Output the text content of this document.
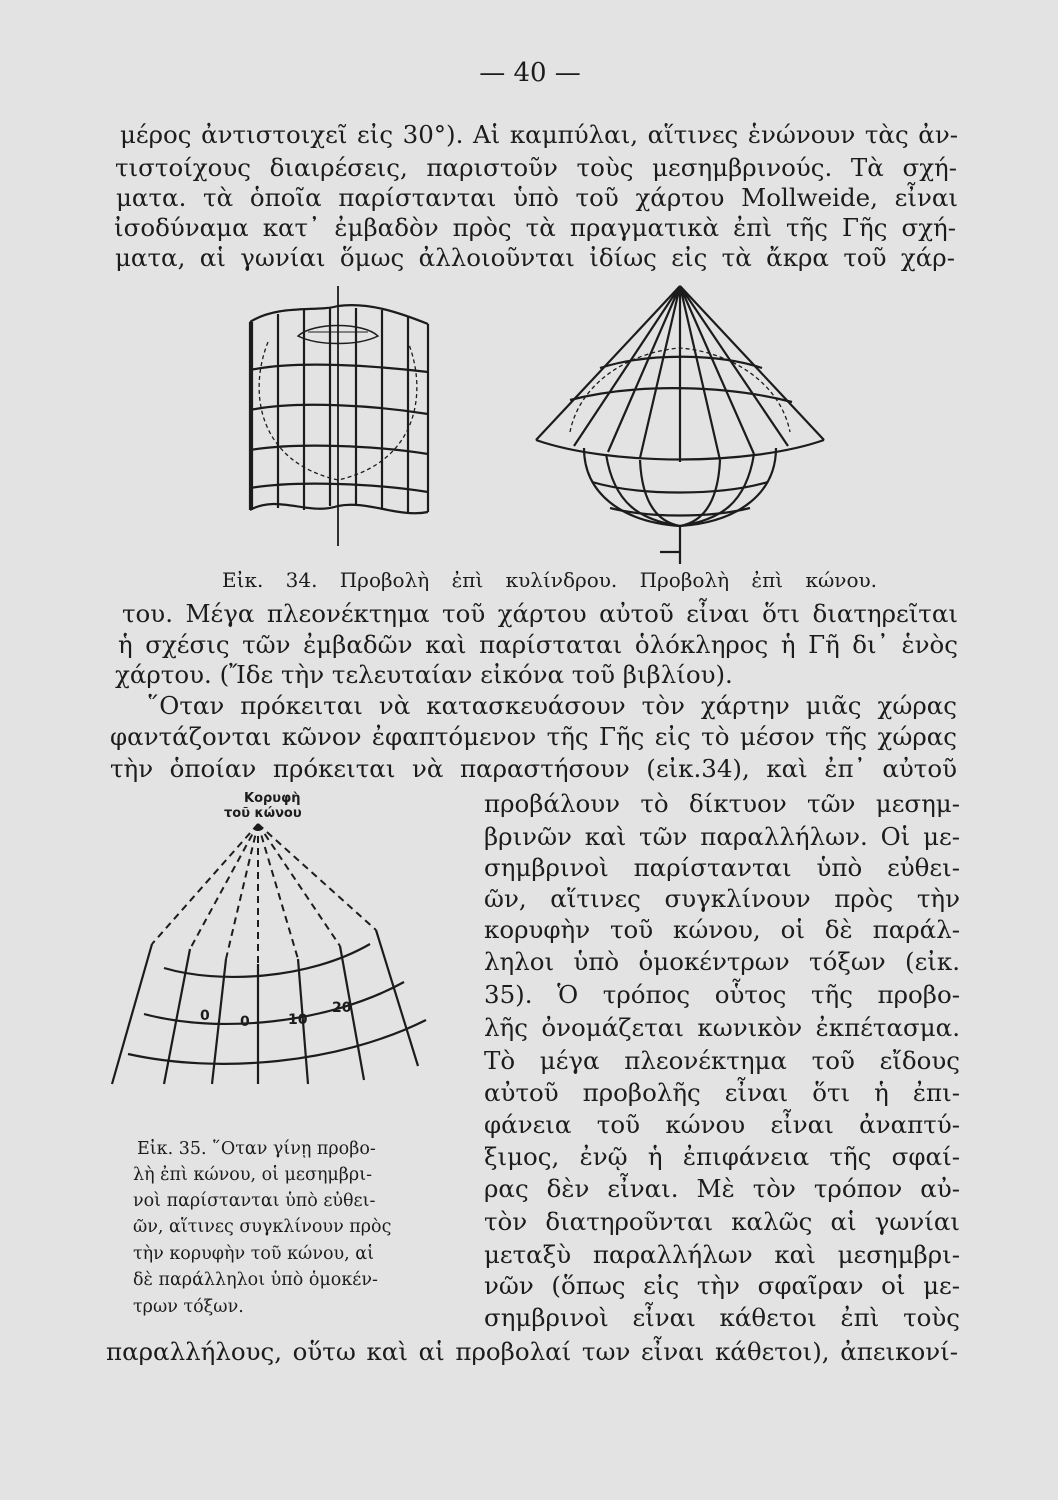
— 40 —
μέρος ἀντιστοιχεῖ εἰς 30°). Αἱ καμπύλαι, αἵτινες ἑνώνουν τὰς ἀν-
τιστοίχους διαιρέσεις, παριστοῦν τοὺς μεσημβρινούς. Τὰ σχή-
ματα. τὰ ὁποῖα παρίστανται ὑπὸ τοῦ χάρτου Mollweide, εἶναι
ἰσοδύναμα κατ᾽ ἐμβαδὸν πρὸς τὰ πραγματικὰ ἐπὶ τῆς Γῆς σχή-
ματα, αἱ γωνίαι ὅμως ἀλλοιοῦνται ἰδίως εἰς τὰ ἄκρα τοῦ χάρ-
Εἰκ. 34. Προβολὴ ἐπὶ κυλίνδρου. Προβολὴ ἐπὶ κώνου.
του. Μέγα πλεονέκτημα τοῦ χάρτου αὐτοῦ εἶναι ὅτι διατηρεῖται
ἡ σχέσις τῶν ἐμβαδῶν καὶ παρίσταται ὁλόκληρος ἡ Γῆ δι᾽ ἑνὸς
χάρτου. (Ἴδε τὴν τελευταίαν εἰκόνα τοῦ βιβλίου).
῞Οταν πρόκειται νὰ κατασκευάσουν τὸν χάρτην μιᾶς χώρας
φαντάζονται κῶνον ἐφαπτόμενον τῆς Γῆς εἰς τὸ μέσον τῆς χώρας
τὴν ὁποίαν πρόκειται νὰ παραστήσουν (εἰκ.34), καὶ ἐπ᾽ αὐτοῦ
προβάλουν τὸ δίκτυον τῶν μεσημ-
βρινῶν καὶ τῶν παραλλήλων. Οἱ με-
σημβρινοὶ παρίστανται ὑπὸ εὐθει-
ῶν, αἵτινες συγκλίνουν πρὸς τὴν
κορυφὴν τοῦ κώνου, οἱ δὲ παράλ-
ληλοι ὑπὸ ὁμοκέντρων τόξων (εἰκ.
35). Ὁ τρόπος οὗτος τῆς προβο-
λῆς ὀνομάζεται κωνικὸν ἐκπέτασμα.
Τὸ μέγα πλεονέκτημα τοῦ εἴδους
αὐτοῦ προβολῆς εἶναι ὅτι ἡ ἐπι-
φάνεια τοῦ κώνου εἶναι ἀναπτύ-
ξιμος, ἐνῷ ἡ ἐπιφάνεια τῆς σφαί-
ρας δὲν εἶναι. Μὲ τὸν τρόπον αὐ-
τὸν διατηροῦνται καλῶς αἱ γωνίαι
μεταξὺ παραλλήλων καὶ μεσημβρι-
νῶν (ὅπως εἰς τὴν σφαῖραν οἱ με-
σημβρινοὶ εἶναι κάθετοι ἐπὶ τοὺς
Κορυφὴ
τοῦ κώνου
0 0	10
20
Εἰκ. 35. ῞Οταν γίνῃ προβο-
λὴ ἐπὶ κώνου, οἱ μεσημβρι-
νοὶ παρίστανται ὑπὸ εὐθει-
ῶν, αἵτινες συγκλίνουν πρὸς
τὴν κορυφὴν τοῦ κώνου, αἱ
δὲ παράλληλοι ὑπὸ ὁμοκέν-
τρων τόξων.
παραλλήλους, οὕτω καὶ αἱ προβολαί των εἶναι κάθετοι), ἀπεικονί-
